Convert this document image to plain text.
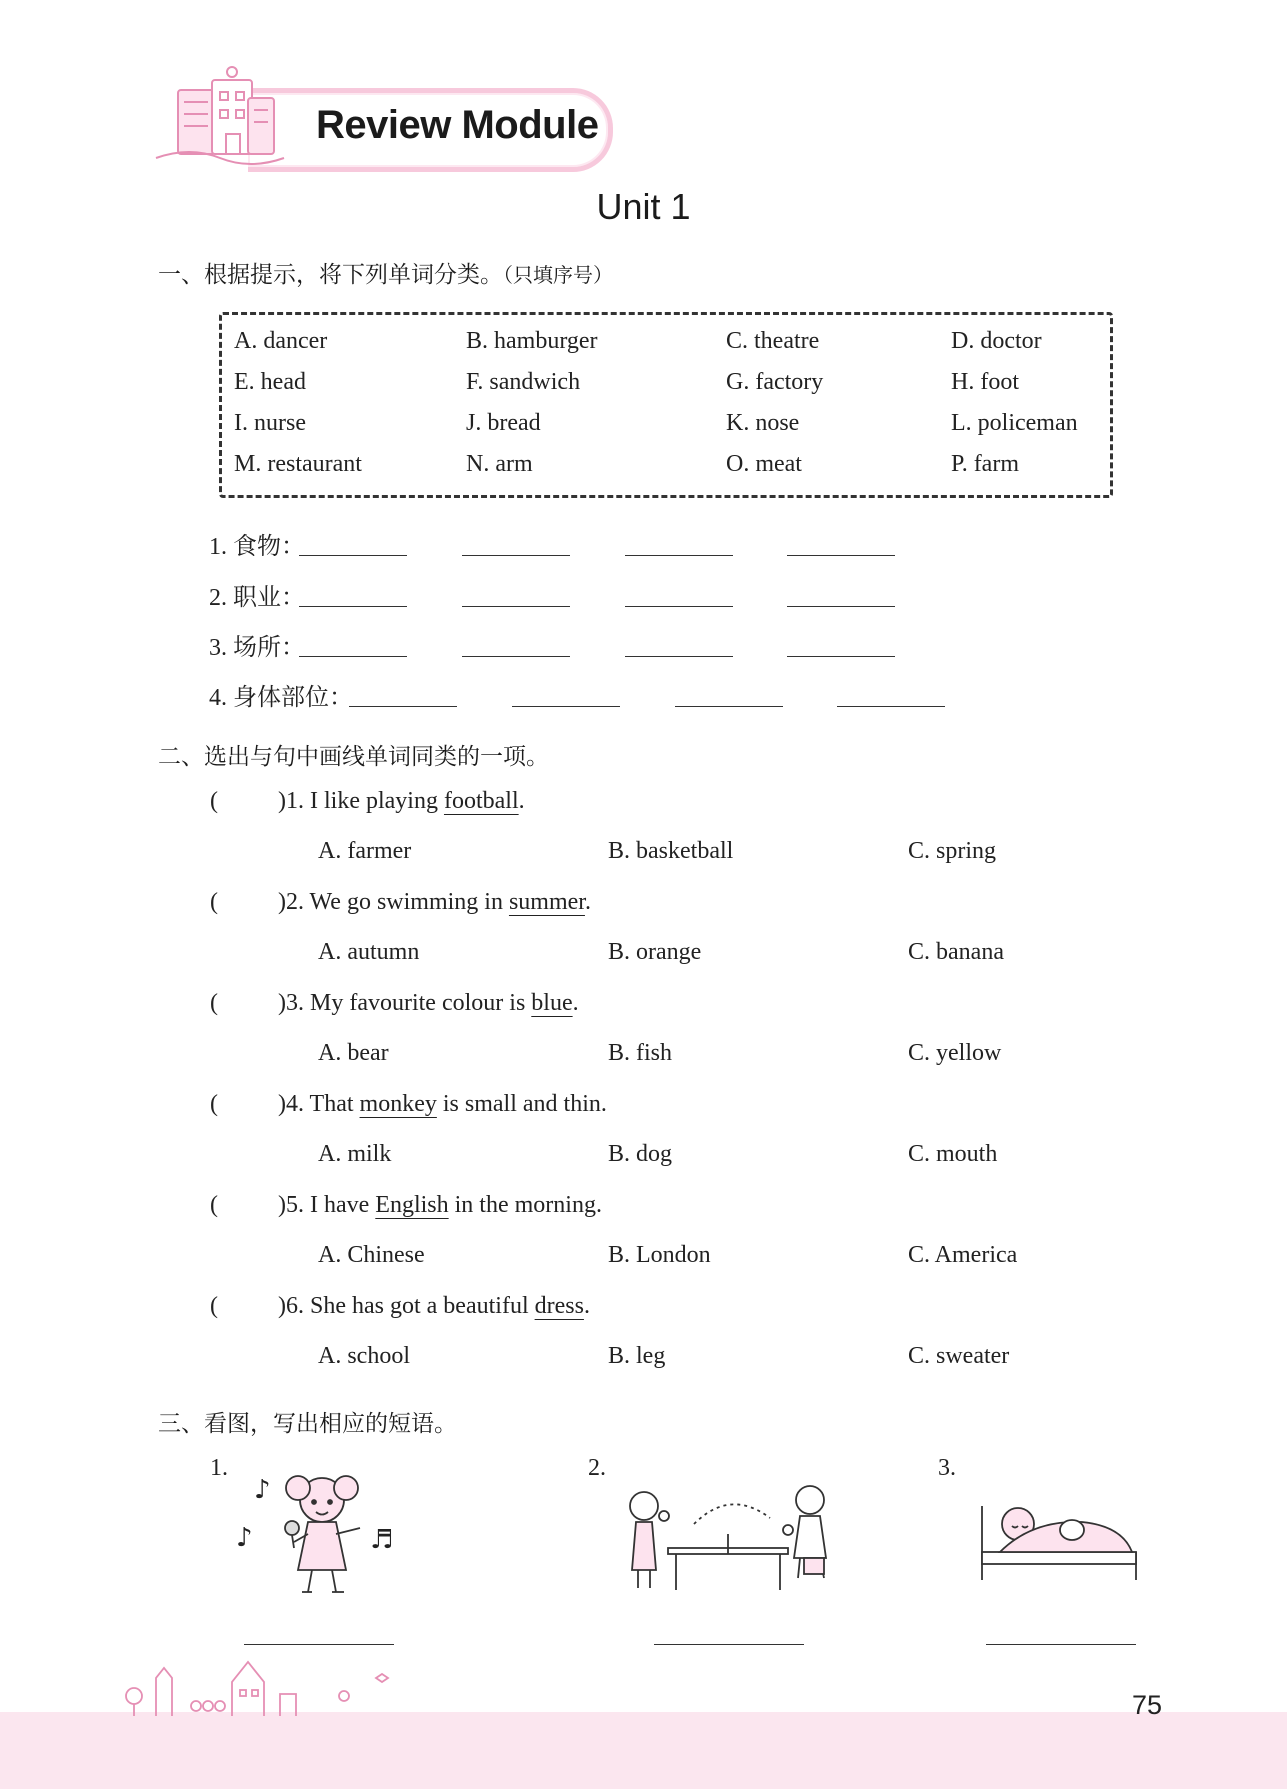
Review Module
Unit 1
一、根据提示，将下列单词分类。（只填序号）
A. dancer	B. hamburger	C. theatre	D. doctor
E. head	F. sandwich	G. factory	H. foot
I. nurse	J. bread	K. nose	L. policeman
M. restaurant	N. arm	O. meat	P. farm
1. 食物：
2. 职业：
3. 场所：
4. 身体部位：
二、选出与句中画线单词同类的一项。
(	)1. I like playing football.
A. farmer	B. basketball	C. spring
(	)2. We go swimming in summer.
A. autumn	B. orange	C. banana
(	)3. My favourite colour is blue.
A. bear	B. fish	C. yellow
(	)4. That monkey is small and thin.
A. milk	B. dog	C. mouth
(	)5. I have English in the morning.
A. Chinese	B. London	C. America
(	)6. She has got a beautiful dress.
A. school	B. leg	C. sweater
三、看图，写出相应的短语。
1.	2.	3.
♪
♪	♬
75
